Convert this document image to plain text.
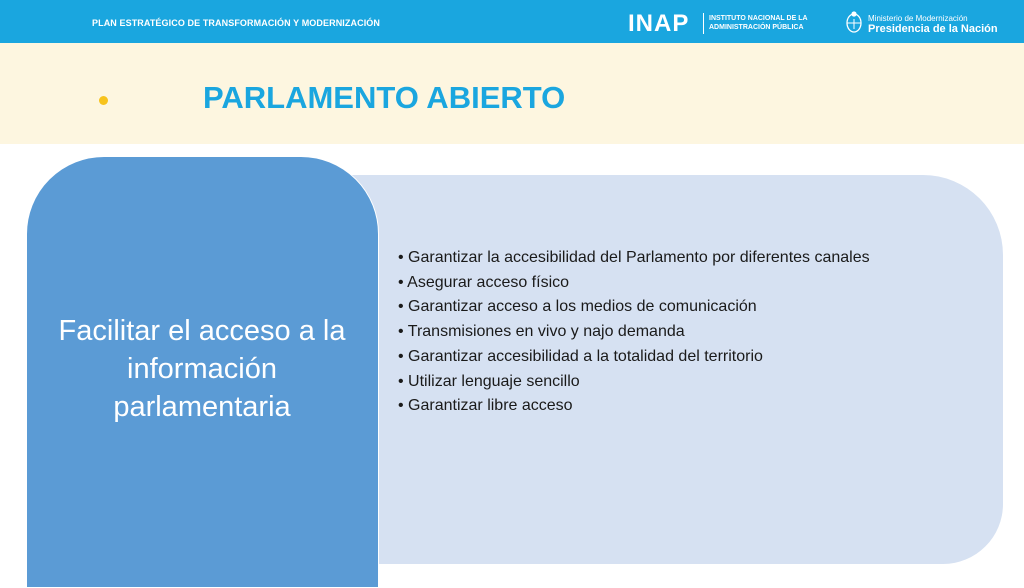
PLAN ESTRATÉGICO DE TRANSFORMACIÓN Y MODERNIZACIÓN	INAP	INSTITUTO NACIONAL DE LA
ADMINISTRACIÓN PÚBLICA
Ministerio de Modernización
Presidencia de la Nación
PARLAMENTO ABIERTO
Facilitar el acceso a la información parlamentaria
• Garantizar la accesibilidad del Parlamento por diferentes canales
• Asegurar acceso físico
• Garantizar acceso a los medios de comunicación
• Transmisiones en vivo y najo demanda
• Garantizar accesibilidad a la totalidad del territorio
• Utilizar lenguaje sencillo
• Garantizar libre acceso
